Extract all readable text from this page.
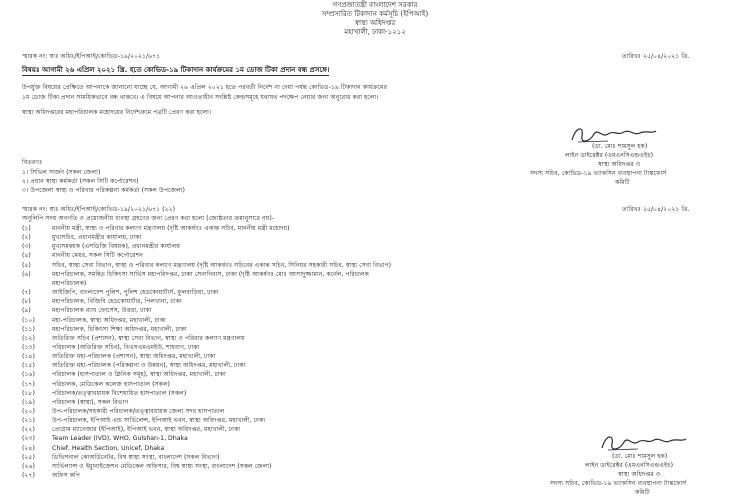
গণপ্রজাতন্ত্রী বাংলাদেশ সরকার
সম্প্রসারিত টিকাদান কর্মসূচি (ইপিআই)
স্বাস্থ্য অধিদপ্তর
মহাখালী, ঢাকা-১২১২
স্মারক নং: স্বাঃ অধিঃ/ইপিআই/কোভিড-১৯/২০২১/৬৭১	তারিখঃ ২৫/০৪/২০২১ খ্রি.
বিষয়ঃ আগামী ২৬ এপ্রিল ২০২১ খ্রি. হতে কোভিড-১৯ টিকাদান কার্যক্রমের ১ম ডোজ টিকা প্রদান বন্ধ প্রসঙ্গে।
উপর্যুক্ত বিষয়ের প্রেক্ষিতে আপনাকে জানানো যাচ্ছে যে, আগামী ২৬ এপ্রিল ২০২১ হতে পরবর্তী নির্দেশ না দেয়া পর্যন্ত কোভিড-১৯ টিকাদান কার্যক্রমের
১ম ডোজ টিকা প্রদান সাময়িকভাবে বন্ধ থাকবে। এ বিষয়ে আপনার আওতাধীন সংশ্লিষ্ট কেন্দ্রসমূহে যথাযথ পদক্ষেপ নেয়ার জন্য অনুরোধ করা হলো।
স্বাস্থ্য অধিদপ্তরের মহাপরিচালক মহোদয়ের নির্দেশক্রমে পত্রটি প্রেরণ করা হলো।
(ডা. মোঃ শামসুল হক)
লাইন ডাইরেক্টর (এমএনসিএন্ডএইচ)
স্বাস্থ্য অধিদপ্তর ও
সদস্য সচিব, কোভিড-১৯ ভ্যাকসিন ব্যবস্থাপনা টাস্কফোর্স
কমিটি
বিতরণঃ
১। সিভিল সার্জন (সকল জেলা)
২। প্রধান স্বাস্থ্য কর্মকর্তা (সকল সিটি কর্পোরেশন)
৩। উপজেলা স্বাস্থ্য ও পরিবার পরিকল্পনা কর্মকর্তা (সকল উপজেলা)
স্মারক নং: স্বাঃ অধিঃ/ইপিআই/কোভিড-১৯/২০২১/৬৭১ (২২)	তারিখঃ ২৫/০৪/২০২১ খ্রি.
অনুলিপি সদয় অবগতি ও প্রয়োজনীয় ব্যবস্থা গ্রহণের জন্য প্রেরণ করা হলো (জ্যেষ্ঠতার ক্রমানুসারে নয়)-
(১)	মাননীয় মন্ত্রী, স্বাস্থ্য ও পরিবার কল্যাণ মন্ত্রণালয় (দৃষ্টি আকর্ষণঃ একান্ত সচিব, মাননীয় মন্ত্রী মহোদয়)
(২)	মুখ্যসচিব, প্রধানমন্ত্রীর কার্যালয়, ঢাকা
(৩)	মুখ্যসমন্বয়ক (এসডিজি বিষয়ক), প্রধানমন্ত্রীর কার্যালয়
(৪)	মাননীয় মেয়র, সকল সিটি কর্পোরেশন
(৫)	সচিব, স্বাস্থ্য সেবা বিভাগ, স্বাস্থ্য ও পরিবার কল্যাণ মন্ত্রণালয় (দৃষ্টি আকর্ষণঃ সচিবের একান্ত সচিব, সিনিয়র সহকারী সচিব, স্বাস্থ্য সেবা বিভাগ)
(৬)	মহাপরিচালক, সমন্বিত চিকিৎসা সার্ভিস মহাপরিদপ্তর, ঢাকা সেনানিবাস, ঢাকা (দৃষ্টি আকর্ষণঃ মোঃ আসাদুজ্জামান, কর্নেল, পরিচালক
মহাপরিচালক)
(৭)	আইজিপি, বাংলাদেশ পুলিশ, পুলিশ হেডকোয়ার্টার্স, ফুলবাড়িয়া, ঢাকা
(৮)	মহাপরিচালক, বিজিবি হেডকোয়ার্টার, পিলখানা, ঢাকা
(৯)	মহাপরিচালক র‍্যাব ফোর্সেস, উত্তরা, ঢাকা
(১০)	মহা-পরিচালক, স্বাস্থ্য অধিদপ্তর, মহাখালী, ঢাকা
(১১)	মহাপরিচালক, চিকিৎসা শিক্ষা অধিদপ্তর, মহাখালী, ঢাকা
(১২)	অতিরিক্ত সচিব (প্রশাসন), স্বাস্থ্য সেবা বিভাগ, স্বাস্থ্য ও পরিবার কল্যাণ মন্ত্রণালয়
(১৩)	পরিচালক (অতিরিক্ত সচিব), বিএসএমএমইউ, শাহবাগ, ঢাকা
(১৪)	অতিরিক্ত মহা-পরিচালক (প্রশাসন), স্বাস্থ্য অধিদপ্তর, মহাখালী, ঢাকা
(১৫)	অতিরিক্ত মহা-পরিচালক (পরিকল্পনা ও উন্নয়ন), স্বাস্থ্য অধিদপ্তর, মহাখালী, ঢাকা
(১৬)	পরিচালক (হাসপাতাল ও ক্লিনিক সমূহ), স্বাস্থ্য অধিদপ্তর, মহাখালী, ঢাকা
(১৭)	পরিচালক, মেডিকেল কলেজ হাসপাতাল (সকল)
(১৮)	পরিচালক/তত্ত্বাবধায়ক বিশেষায়িত হাসপাতাল (সকল)
(১৯)	পরিচালক (স্বাস্থ্য), সকল বিভাগ
(২০)	উপ-পরিচালক/সহকারী পরিচালক/তত্ত্বাবধায়ক জেলা সদর হাসপাতাল
(২১)	উপ-পরিচালক, ইপিআই এন্ড সার্ভিলেন্স, ইপিআই ভবন, স্বাস্থ্য অধিদপ্তর, মহাখালী, ঢাকা
(২২)	প্রোগ্রাম ম্যানেজার (ইপিআই), ইপিআই ভবন, স্বাস্থ্য অধিদপ্তর, মহাখালী, ঢাকা
(২৩)	Team Leader (IVD), WHO, Gulshan-1, Dhaka
(২৪)	Chief, Health Section, Unicef, Dhaka
(২৫)	ডিভিশনাল কোঅর্ডিনেটর, বিশ্ব স্বাস্থ্য সংস্থা, বাংলাদেশ (সকল বিভাগ)
(২৬)	সার্ভিল্যান্স ও ইম্যুনাইজেশন মেডিকেল অফিসার, বিশ্ব স্বাস্থ্য সংস্থা, বাংলাদেশ (সকল জেলা)
(২৭)	অফিস কপি
(ডা. মোঃ শামসুল হক)
লাইন ডাইরেক্টর (এমএনসিএন্ডএইচ)
স্বাস্থ্য অধিদপ্তর ও
সদস্য সচিব, কোভিড-১৯ ভ্যাকসিন ব্যবস্থাপনা টাস্কফোর্স
কমিটি
